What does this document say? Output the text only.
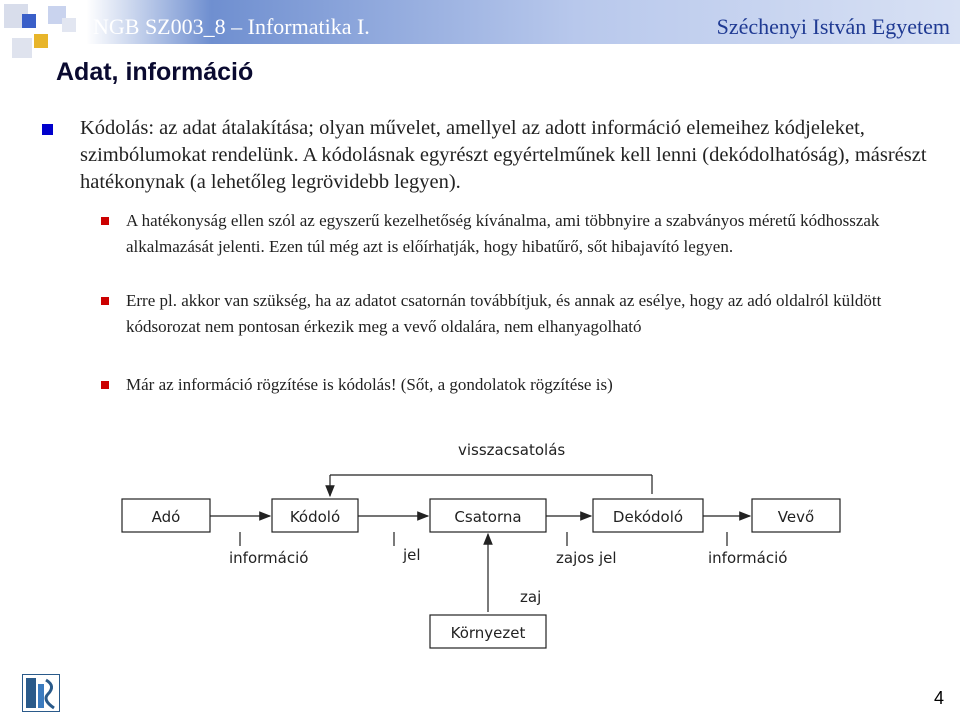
NGB SZ003_8 – Informatika I.	Széchenyi István Egyetem
Adat, információ
Kódolás: az adat átalakítása; olyan művelet, amellyel az adott információ elemeihez kódjeleket, szimbólumokat rendelünk. A kódolásnak egyrészt egyértelműnek kell lenni (dekódolhatóság), másrészt hatékonynak (a lehetőleg legrövidebb legyen).
A hatékonyság ellen szól az egyszerű kezelhetőség kívánalma, ami többnyire a szabványos méretű kódhosszak alkalmazását jelenti. Ezen túl még azt is előírhatják, hogy hibatűrő, sőt hibajavító legyen.
Erre pl. akkor van szükség, ha az adatot csatornán továbbítjuk, és annak az esélye, hogy az adó oldalról küldött kódsorozat nem pontosan érkezik meg a vevő oldalára, nem elhanyagolható
Már az információ rögzítése is kódolás! (Sőt, a gondolatok rögzítése is)
visszacsatolás
Adó	Kódoló	Csatorna	Dekódoló	Vevő
információ	jel	zajos jel	információ
zaj
Környezet
4
